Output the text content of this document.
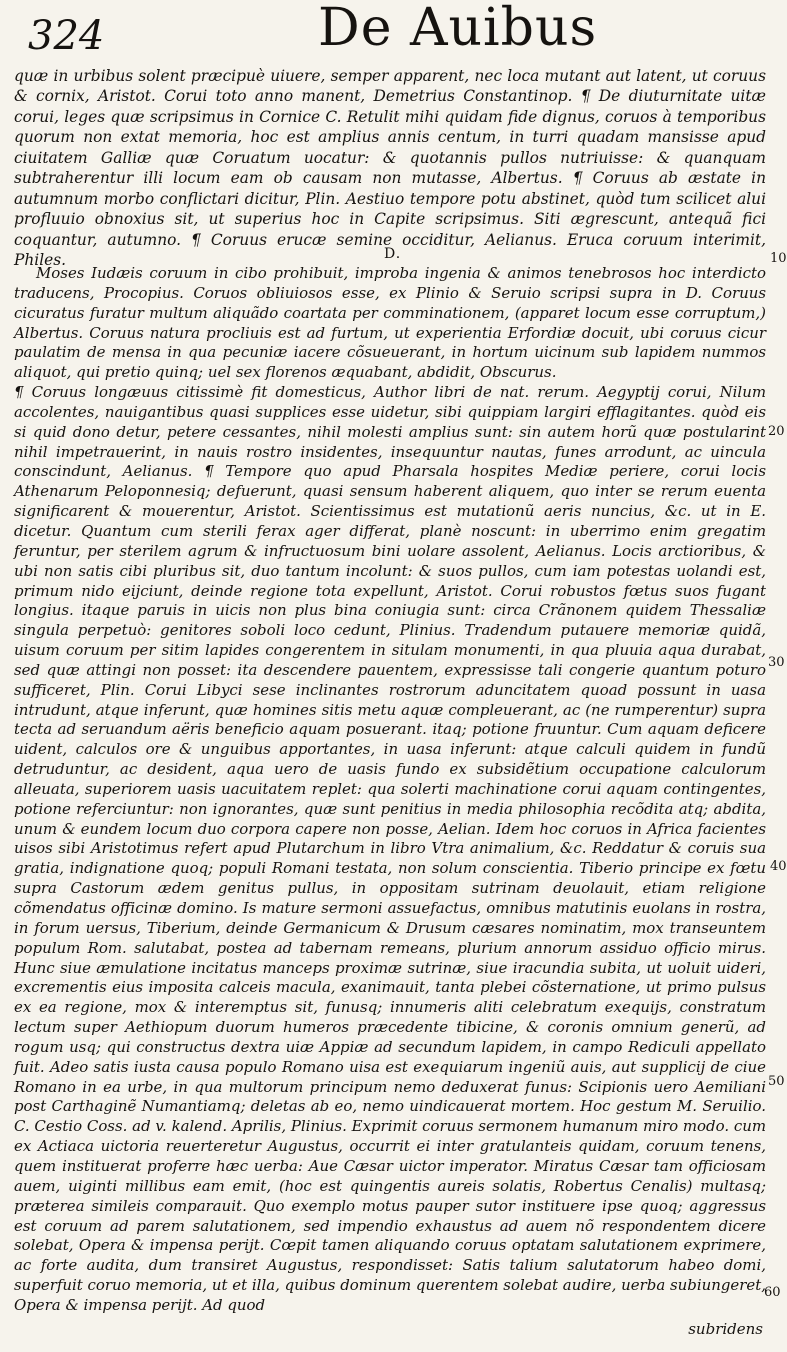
324	De Auibus

quæ in urbibus solent præcipuè uiuere, semper apparent, nec loca mutant aut latent, ut coruus & cornix, Aristot. Corui toto anno manent, Demetrius Constantinop. ¶ De diuturnitate uitæ corui, leges quæ scripsimus in Cornice C. Retulit mihi quidam fide dignus, coruos à temporibus quorum non extat memoria, hoc est amplius annis centum, in turri quadam mansisse apud ciuitatem Galliæ quæ Coruatum uocatur: & quotannis pullos nutriuisse: & quanquam subtraherentur illi locum eam ob causam non mutasse, Albertus. ¶ Coruus ab æstate in autumnum morbo conflictari dicitur, Plin. Aestiuo tempore potu abstinet, quòd tum scilicet alui profluuio obnoxius sit, ut superius hoc in Capite scripsimus. Siti ægrescunt, antequã fici coquantur, autumno. ¶ Coruus erucæ semine occiditur, Aelianus. Eruca coruum interimit, Philes.	D.

Moses Iudæis coruum in cibo prohibuit, improba ingenia & animos tenebrosos hoc interdicto traducens, Procopius. Coruos obliuiosos esse, ex Plinio & Seruio scripsi supra in D. Coruus cicuratus furatur multum aliquãdo coartata per comminationem, (apparet locum esse corruptum,) Albertus. Coruus natura procliuis est ad furtum, ut experientia Erfordiæ docuit, ubi coruus cicur paulatim de mensa in qua pecuniæ iacere cõsueuerant, in hortum uicinum sub lapidem nummos aliquot, qui pretio quinq; uel sex florenos æquabant, abdidit, Obscurus.

¶ Coruus longæuus citissimè fit domesticus, Author libri de nat. rerum. Aegyptij corui, Nilum accolentes, nauigantibus quasi supplices esse uidetur, sibi quippiam largiri efflagitantes. quòd eis si quid dono detur, petere cessantes, nihil molesti amplius sunt: sin autem horũ quæ postularint nihil impetrauerint, in nauis rostro insidentes, insequuntur nautas, funes arrodunt, ac uincula conscindunt, Aelianus. ¶ Tempore quo apud Pharsala hospites Mediæ periere, corui locis Athenarum Peloponnesiq; defuerunt, quasi sensum haberent aliquem, quo inter se rerum euenta significarent & mouerentur, Aristot. Scientissimus est mutationũ aeris nuncius, &c. ut in E. dicetur. Quantum cum sterili ferax ager differat, planè noscunt: in uberrimo enim gregatim feruntur, per sterilem agrum & infructuosum bini uolare assolent, Aelianus. Locis arctioribus, & ubi non satis cibi pluribus sit, duo tantum incolunt: & suos pullos, cum iam potestas uolandi est, primum nido eijciunt, deinde regione tota expellunt, Aristot. Corui robustos fœtus suos fugant longius. itaque paruis in uicis non plus bina coniugia sunt: circa Crãnonem quidem Thessaliæ singula perpetuò: genitores soboli loco cedunt, Plinius. Tradendum putauere memoriæ quidã, uisum coruum per sitim lapides congerentem in situlam monumenti, in qua pluuia aqua durabat, sed quæ attingi non posset: ita descendere pauentem, expressisse tali congerie quantum poturo sufficeret, Plin. Corui Libyci sese inclinantes rostrorum aduncitatem quoad possunt in uasa intrudunt, atque inferunt, quæ homines sitis metu aquæ compleuerant, ac (ne rumperentur) supra tecta ad seruandum aëris beneficio aquam posuerant. itaq; potione fruuntur. Cum aquam deficere uident, calculos ore & unguibus apportantes, in uasa inferunt: atque calculi quidem in fundũ detruduntur, ac desident, aqua uero de uasis fundo ex subsidẽtium occupatione calculorum alleuata, superiorem uasis uacuitatem replet: qua solerti machinatione corui aquam contingentes, potione referciuntur: non ignorantes, quæ sunt penitius in media philosophia recõdita atq; abdita, unum & eundem locum duo corpora capere non posse, Aelian. Idem hoc coruos in Africa facientes uisos sibi Aristotimus refert apud Plutarchum in libro Vtra animalium, &c. Reddatur & coruis sua gratia, indignatione quoq; populi Romani testata, non solum conscientia. Tiberio principe ex fœtu supra Castorum ædem genitus pullus, in oppositam sutrinam deuolauit, etiam religione cõmendatus officinæ domino. Is mature sermoni assuefactus, omnibus matutinis euolans in rostra, in forum uersus, Tiberium, deinde Germanicum & Drusum cæsares nominatim, mox transeuntem populum Rom. salutabat, postea ad tabernam remeans, plurium annorum assiduo officio mirus. Hunc siue æmulatione incitatus manceps proximæ sutrinæ, siue iracundia subita, ut uoluit uideri, excrementis eius imposita calceis macula, exanimauit, tanta plebei cõsternatione, ut primo pulsus ex ea regione, mox & interemptus sit, funusq; innumeris aliti celebratum exequijs, constratum lectum super Aethiopum duorum humeros præcedente tibicine, & coronis omnium generũ, ad rogum usq; qui constructus dextra uiæ Appiæ ad secundum lapidem, in campo Rediculi appellato fuit. Adeo satis iusta causa populo Romano uisa est exequiarum ingeniũ auis, aut supplicij de ciue Romano in ea urbe, in qua multorum principum nemo deduxerat funus: Scipionis uero Aemiliani post Carthaginẽ Numantiamq; deletas ab eo, nemo uindicauerat mortem. Hoc gestum M. Seruilio. C. Cestio Coss. ad v. kalend. Aprilis, Plinius. Exprimit coruus sermonem humanum miro modo. cum ex Actiaca uictoria reuerteretur Augustus, occurrit ei inter gratulanteis quidam, coruum tenens, quem instituerat proferre hæc uerba: Aue Cæsar uictor imperator. Miratus Cæsar tam officiosam auem, uiginti millibus eam emit, (hoc est quingentis aureis solatis, Robertus Cenalis) multasq; præterea simileis comparauit. Quo exemplo motus pauper sutor instituere ipse quoq; aggressus est coruum ad parem salutationem, sed impendio exhaustus ad auem nõ respondentem dicere solebat, Opera & impensa perijt. Cœpit tamen aliquando coruus optatam salutationem exprimere, ac forte audita, dum transiret Augustus, respondisset: Satis talium salutatorum habeo domi, superfuit coruo memoria, ut et illa, quibus dominum querentem solebat audire, uerba subiungeret, Opera & impensa perijt. Ad quod

10
20
30
40
50
60
subridens
